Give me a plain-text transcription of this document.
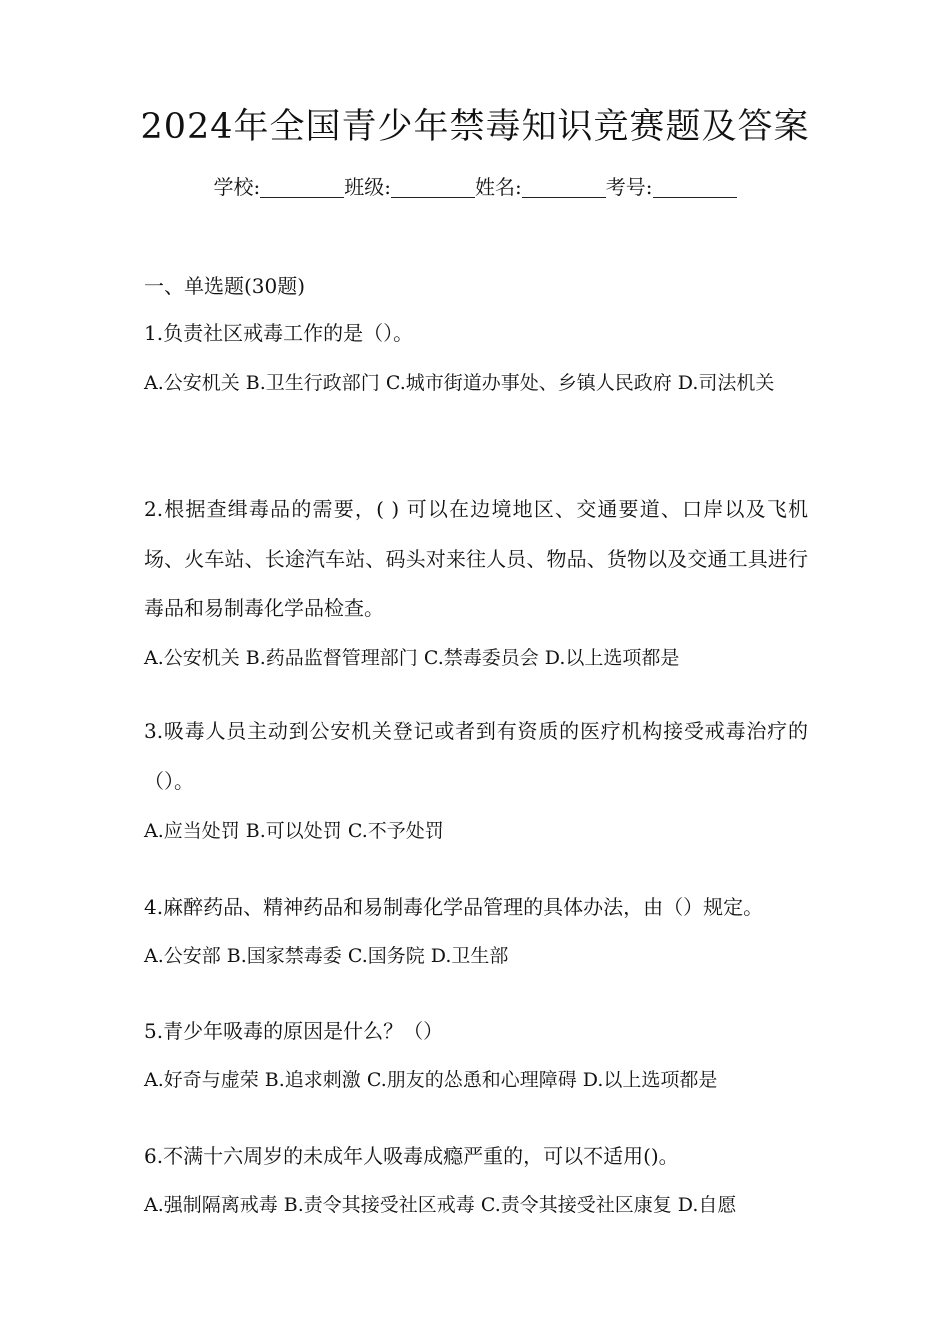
2024年全国青少年禁毒知识竞赛题及答案
学校:	班级:	姓名:	考号:
一、单选题(30题)

1.负责社区戒毒工作的是（）。

A.公安机关 B.卫生行政部门 C.城市街道办事处、乡镇人民政府 D.司法机关

2.根据查缉毒品的需要，( ) 可以在边境地区、交通要道、口岸以及飞机场、火车站、长途汽车站、码头对来往人员、物品、货物以及交通工具进行毒品和易制毒化学品检查。

A.公安机关 B.药品监督管理部门 C.禁毒委员会 D.以上选项都是

3.吸毒人员主动到公安机关登记或者到有资质的医疗机构接受戒毒治疗的（）。

A.应当处罚 B.可以处罚 C.不予处罚

4.麻醉药品、精神药品和易制毒化学品管理的具体办法，由（）规定。

A.公安部 B.国家禁毒委 C.国务院 D.卫生部

5.青少年吸毒的原因是什么？（）

A.好奇与虚荣 B.追求刺激 C.朋友的怂恿和心理障碍 D.以上选项都是

6.不满十六周岁的未成年人吸毒成瘾严重的，可以不适用()。

A.强制隔离戒毒 B.责令其接受社区戒毒 C.责令其接受社区康复 D.自愿
